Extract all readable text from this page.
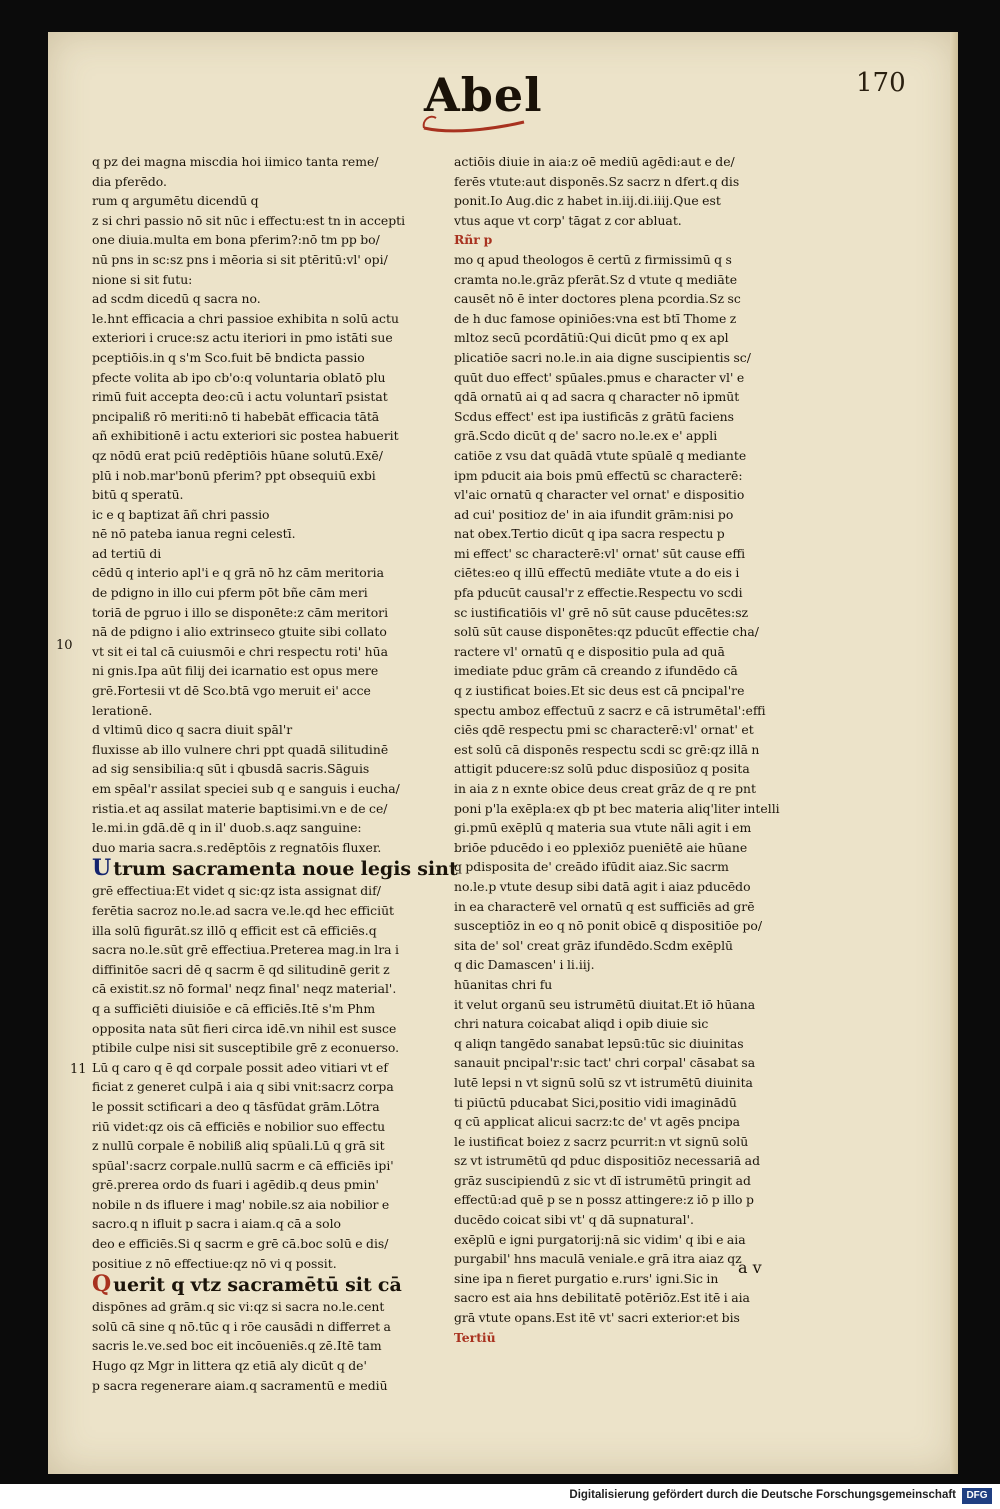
Abel	170
10
11
q pz dei magna miscdia hoi iimico tanta reme/
dia pferēdo.
rum q argumētu dicendū q
z si chri passio nō sit nūc i effectu:est tn in accepti
one diuia.multa em bona pferim?:nō tm pp bo/
nū pns in sc:sz pns i mēoria si sit ptēritū:vl' opi/
nione si sit futu:
ad scdm dicedū q sacra no.
le.hnt efficacia a chri passioe exhibita n solū actu
exteriori i cruce:sz actu iteriori in pmo istāti sue
pceptiōis.in q s'm Sco.fuit bē bndicta passio
pfecte volita ab ipo cb'o:q voluntaria oblatō plu
rimū fuit accepta deo:cū i actu voluntarī psistat
pncipaliß rō meriti:nō ti habebāt efficacia tātā
añ exhibitionē i actu exteriori sic postea habuerit
qz nōdū erat pciū redēptiōis hūane solutū.Exē/
plū i nob.mar'bonū pferim? ppt obsequiū exbi
bitū q speratū.
ic e q baptizat āñ chri passio
nē nō pateba ianua regni celestī.
ad tertiū di
cēdū q interio apl'i e q grā nō hz cām meritoria
de pdigno in illo cui pferm pōt bñe cām meri
toriā de pgruo i illo se disponēte:z cām meritori
nā de pdigno i alio extrinseco gtuite sibi collato
vt sit ei tal cā cuiusmōi e chri respectu roti' hūa
ni gnis.Ipa aūt filij dei icarnatio est opus mere
grē.Fortesii vt dē Sco.btā vgo meruit ei' acce
lerationē.
d vltimū dico q sacra diuit spāl'r
fluxisse ab illo vulnere chri ppt quadā silitudinē
ad sig sensibilia:q sūt i qbusdā sacris.Sāguis
em spēal'r assilat speciei sub q e sanguis i eucha/
ristia.et aq assilat materie baptisimi.vn e de ce/
le.mi.in gdā.dē q in il' duob.s.aqz sanguine:
duo maria sacra.s.redēptōis z regnatōis fluxer.
U trum sacramenta noue legis sint
grē effectiua:Et videt q sic:qz ista assignat dif/
ferētia sacroz no.le.ad sacra ve.le.qd hec efficiūt
illa solū figurāt.sz illō q efficit est cā efficiēs.q
sacra no.le.sūt grē effectiua.Preterea mag.in lra i
diffinitōe sacri dē q sacrm ē qd silitudinē gerit z
cā existit.sz nō formal' neqz final' neqz material'.
q a sufficiēti diuisiōe e cā efficiēs.Itē s'm Phm
opposita nata sūt fieri circa idē.vn nihil est susce
ptibile culpe nisi sit susceptibile grē z econuerso.
Lū q caro q ē qd corpale possit adeo vitiari vt ef
ficiat z generet culpā i aia q sibi vnit:sacrz corpa
le possit sctificari a deo q tāsfūdat grām.Lōtra
riū videt:qz ois cā efficiēs e nobilior suo effectu
z nullū corpale ē nobiliß aliq spūali.Lū q grā sit
spūal':sacrz corpale.nullū sacrm e cā efficiēs ipi'
grē.prerea ordo ds fuari i agēdib.q deus pmin'
nobile n ds ifluere i mag' nobile.sz aia nobilior e
sacro.q n ifluit p sacra i aiam.q cā a solo
deo e efficiēs.Si q sacrm e grē cā.boc solū e dis/
positiue z nō effectiue:qz nō vi q possit.
Q uerit q vtz sacramētū sit cā
dispōnes ad grām.q sic vi:qz si sacra no.le.cent
solū cā sine q nō.tūc q i rōe causādi n differret a
sacris le.ve.sed boc eit incōueniēs.q zē.Itē tam
Hugo qz Mgr in littera qz etiā aly dicūt q de'
p sacra regenerare aiam.q sacramentū e mediū
actiōis diuie in aia:z oē mediū agēdi:aut e de/
ferēs vtute:aut disponēs.Sz sacrz n dfert.q dis
ponit.Io Aug.dic z habet in.iij.di.iiij.Que est
vtus aque vt corp' tāgat z cor abluat.
Rñr p
mo q apud theologos ē certū z firmissimū q s
cramta no.le.grāz pferāt.Sz d vtute q mediāte
causēt nō ē inter doctores plena pcordia.Sz sc
de h duc famose opiniōes:vna est btī Thome z
mltoz secū pcordātiū:Qui dicūt pmo q ex apl
plicatiōe sacri no.le.in aia digne suscipientis sc/
quūt duo effect' spūales.pmus e character vl' e
qdā ornatū ai q ad sacra q character nō ipmūt
Scdus effect' est ipa iustificās z grātū faciens
grā.Scdo dicūt q de' sacro no.le.ex e' appli
catiōe z vsu dat quādā vtute spūalē q mediante
ipm pducit aia bois pmū effectū sc characterē:
vl'aic ornatū q character vel ornat' e dispositio
ad cui' positioz de' in aia ifundit grām:nisi po
nat obex.Tertio dicūt q ipa sacra respectu p
mi effect' sc characterē:vl' ornat' sūt cause effi
ciētes:eo q illū effectū mediāte vtute a do eis i
pfa pducūt causal'r z effectie.Respectu vo scdi
sc iustificatiōis vl' grē nō sūt cause pducētes:sz
solū sūt cause disponētes:qz pducūt effectie cha/
ractere vl' ornatū q e dispositio pula ad quā
imediate pduc grām cā creando z ifundēdo cā
q z iustificat boies.Et sic deus est cā pncipal're
spectu amboz effectuū z sacrz e cā istrumētal':effi
ciēs qdē respectu pmi sc characterē:vl' ornat' et
est solū cā disponēs respectu scdi sc grē:qz illā n
attigit pducere:sz solū pduc disposiūoz q posita
in aia z n exnte obice deus creat grāz de q re pnt
poni p'la exēpla:ex qb pt bec materia aliq'liter intelli
gi.pmū exēplū q materia sua vtute nāli agit i em
briōe pducēdo i eo pplexiōz pueniētē aie hūane
q pdisposita de' creādo ifūdit aiaz.Sic sacrm
no.le.p vtute desup sibi datā agit i aiaz pducēdo
in ea characterē vel ornatū q est sufficiēs ad grē
susceptiōz in eo q nō ponit obicē q dispositiōe po/
sita de' sol' creat grāz ifundēdo.Scdm exēplū
q dic Damascen' i li.iij.
hūanitas chri fu
it velut organū seu istrumētū diuitat.Et iō hūana
chri natura coicabat aliqd i opib diuie sic
q aliqn tangēdo sanabat lepsū:tūc sic diuinitas
sanauit pncipal'r:sic tact' chri corpal' cāsabat sa
lutē lepsi n vt signū solū sz vt istrumētū diuinita
ti piūctū pducabat Sici,positio vidi imaginādū
q cū applicat alicui sacrz:tc de' vt agēs pncipa
le iustificat boiez z sacrz pcurrit:n vt signū solū
sz vt istrumētū qd pduc dispositiōz necessariā ad
grāz suscipiendū z sic vt dī istrumētū pringit ad
effectū:ad quē p se n possz attingere:z iō p illo p
ducēdo coicat sibi vt' q dā supnatural'.
exēplū e igni purgatorij:nā sic vidim' q ibi e aia
purgabil' hns maculā veniale.e grā itra aiaz qz
sine ipa n fieret purgatio e.rurs' igni.Sic in
sacro est aia hns debilitatē potēriōz.Est itē i aia
grā vtute opans.Est itē vt' sacri exterior:et bis
Tertiū
a v
Digitalisierung gefördert durch die Deutsche Forschungsgemeinschaft	DFG
